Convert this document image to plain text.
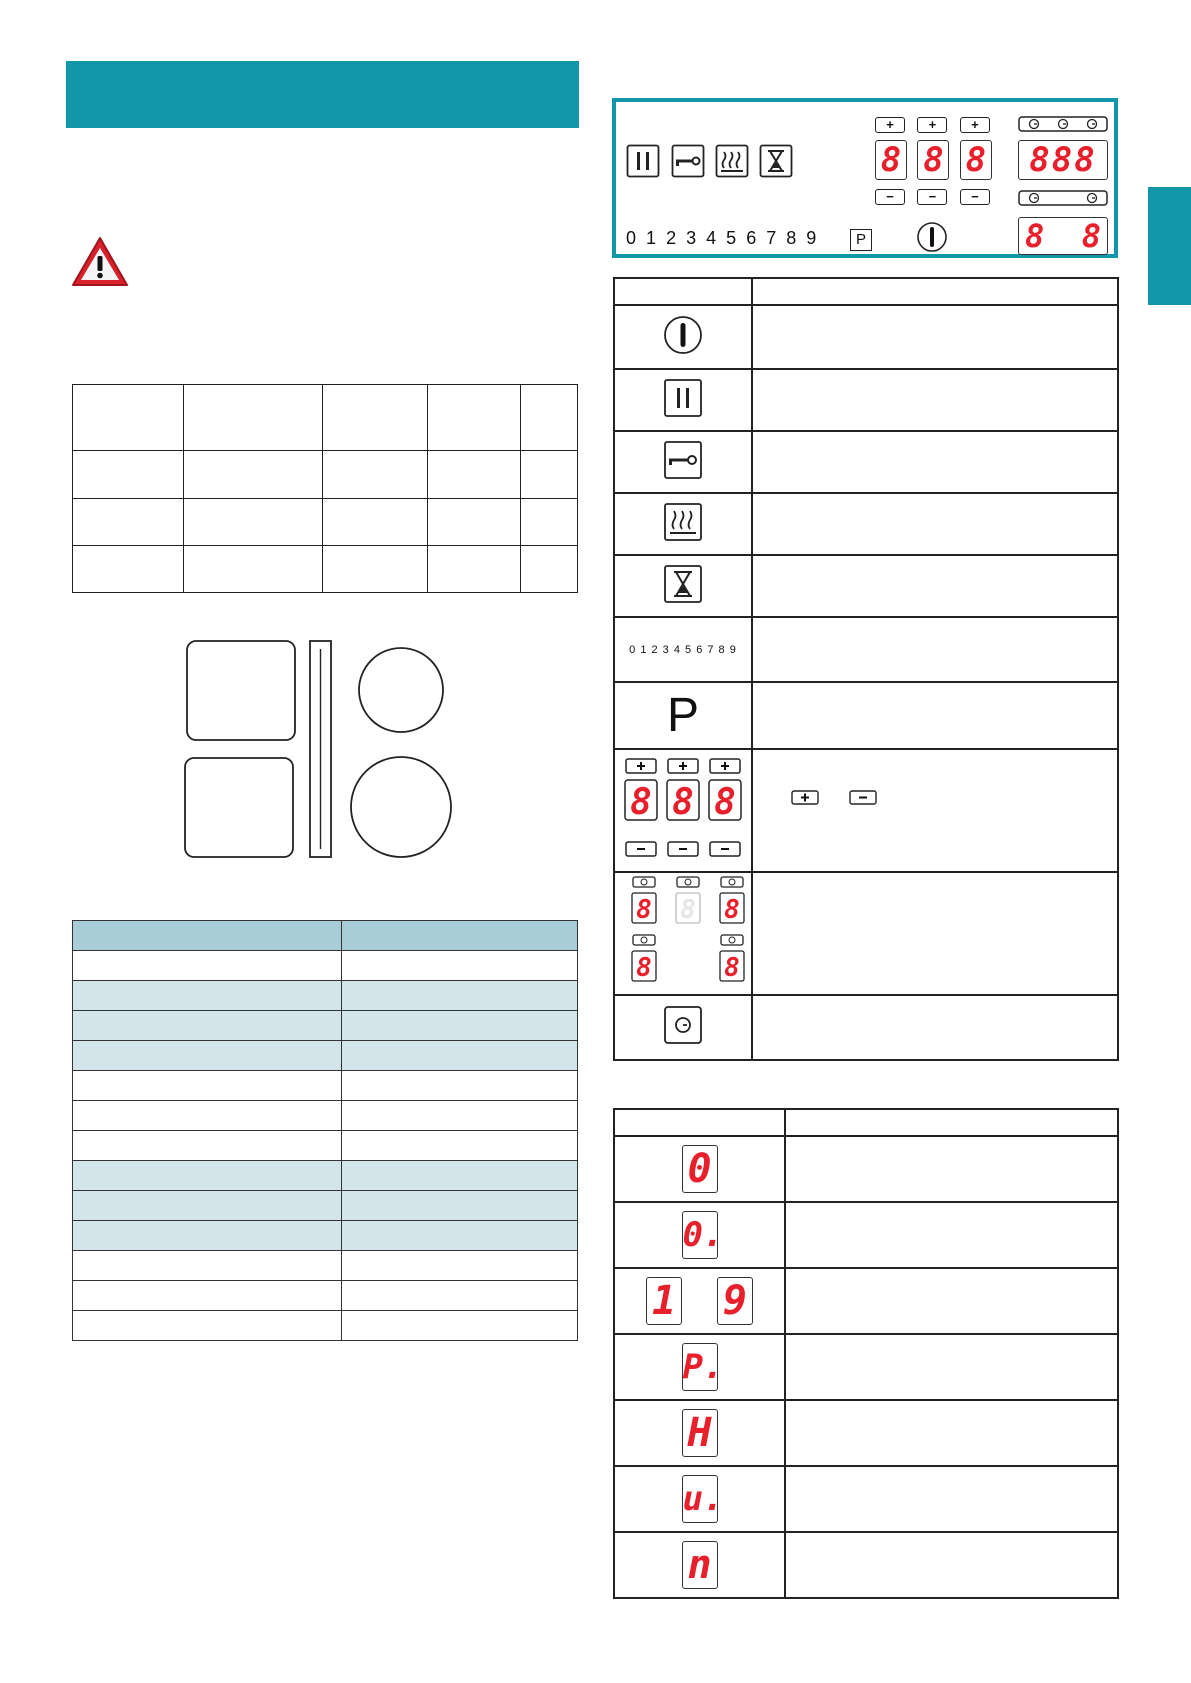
+	+	+
8 8 8
−	−	−
888
8 8
0 1 2 3 4 5 6 7 8 9	P

0 1 2 3 4 5 6 7 8 9	
P	

8 8 8

8 8 8
8 8	

0	
0.	
1 9	
P.	
H	
u.	
n	
